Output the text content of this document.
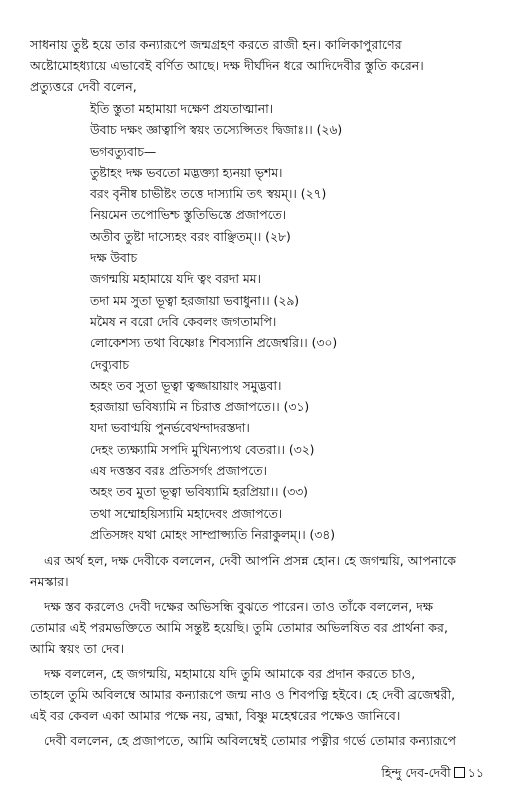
সাধনায় তুষ্ট হয়ে তার কন্যারূপে জন্মগ্রহণ করতে রাজী হন। কালিকাপুরাণের
অষ্টোমোহধ্যায়ে এভাবেই বর্ণিত আছে। দক্ষ দীর্ঘদিন ধরে আদিদেবীর স্তুতি করেন।
প্রত্যুত্তরে দেবী বলেন,
ইতি স্তুতা মহামায়া দক্ষেণ প্রযতাত্মানা।
উবাচ দক্ষং জ্ঞাত্বাপি স্বয়ং তস্যেপ্সিতং দ্বিজাঃ।। (২৬)
ভগবত্যুবাচ—
তুষ্টাহং দক্ষ ভবতো মদ্ভক্ত্যা হ্যনয়া ভৃশম।
বরং বৃনীষ্ব চাভীষ্টং তত্তে দাস্যামি তৎ স্বয়ম্।। (২৭)
নিয়মেন তপোভিশ্চ স্তুতিভিস্তে প্রজাপতে।
অতীব তুষ্টা দাস্যেহং বরং বাঞ্ছিতম্।। (২৮)
দক্ষ উবাচ
জগন্ময়ি মহামায়ে যদি ত্বং বরদা মম।
তদা মম সুতা ভূত্বা হরজায়া ভবাধুনা।। (২৯)
মমৈষ ন বরো দেবি কেবলং জগতামপি।
লোকেশস্য তথা বিষ্ণোঃ শিবস্যানি প্রজেশ্বরি।। (৩০)
দেব্যুবাচ
অহং তব সুতা ভূত্বা ত্বজ্জায়ায়াং সমুদ্ভবা।
হরজায়া ভবিষ্যামি ন চিরাত্ত প্রজাপতে।। (৩১)
যদা ভবাণ্ময়ি পুনর্ভবেথন্দাদরস্তদা।
দেহং ত্যক্ষ্যামি সপদি মুখিন্যপ্যথ বেতরা।। (৩২)
এষ দত্তস্তব বরঃ প্রতিসর্গং প্রজাপতে।
অহং তব মুতা ভূত্বা ভবিষ্যামি হরপ্রিয়া।। (৩৩)
তথা সম্মোহয়িস্যামি মহাদেবং প্রজাপতে।
প্রতিসঙ্গং যথা মোহং সাম্প্রাপ্স্যতি নিরাকুলম্।। (৩৪)
এর অর্থ হল, দক্ষ দেবীকে বললেন, দেবী আপনি প্রসন্ন হোন। হে জগন্ময়ি, আপনাকে
নমস্কার।
দক্ষ স্তব করলেও দেবী দক্ষের অভিসন্ধি বুঝতে পারেন। তাও তাঁকে বললেন, দক্ষ
তোমার এই পরমভক্তিতে আমি সন্তুষ্ট হয়েছি। তুমি তোমার অভিলষিত বর প্রার্থনা কর,
আমি স্বয়ং তা দেব।
দক্ষ বললেন, হে জগন্ময়ি, মহামায়ে যদি তুমি আমাকে বর প্রদান করতে চাও,
তাহলে তুমি অবিলম্বে আমার কন্যারূপে জন্ম নাও ও শিবপত্নি হইবে। হে দেবী ব্রজেশ্বরী,
এই বর কেবল একা আমার পক্ষে নয়, ব্রহ্মা, বিষ্ণু মহেশ্বরের পক্ষেও জানিবে।
দেবী বললেন, হে প্রজাপতে, আমি অবিলম্বেই তোমার পত্নীর গর্ভে তোমার কন্যারূপে
হিন্দু দেব-দেবী ১১
